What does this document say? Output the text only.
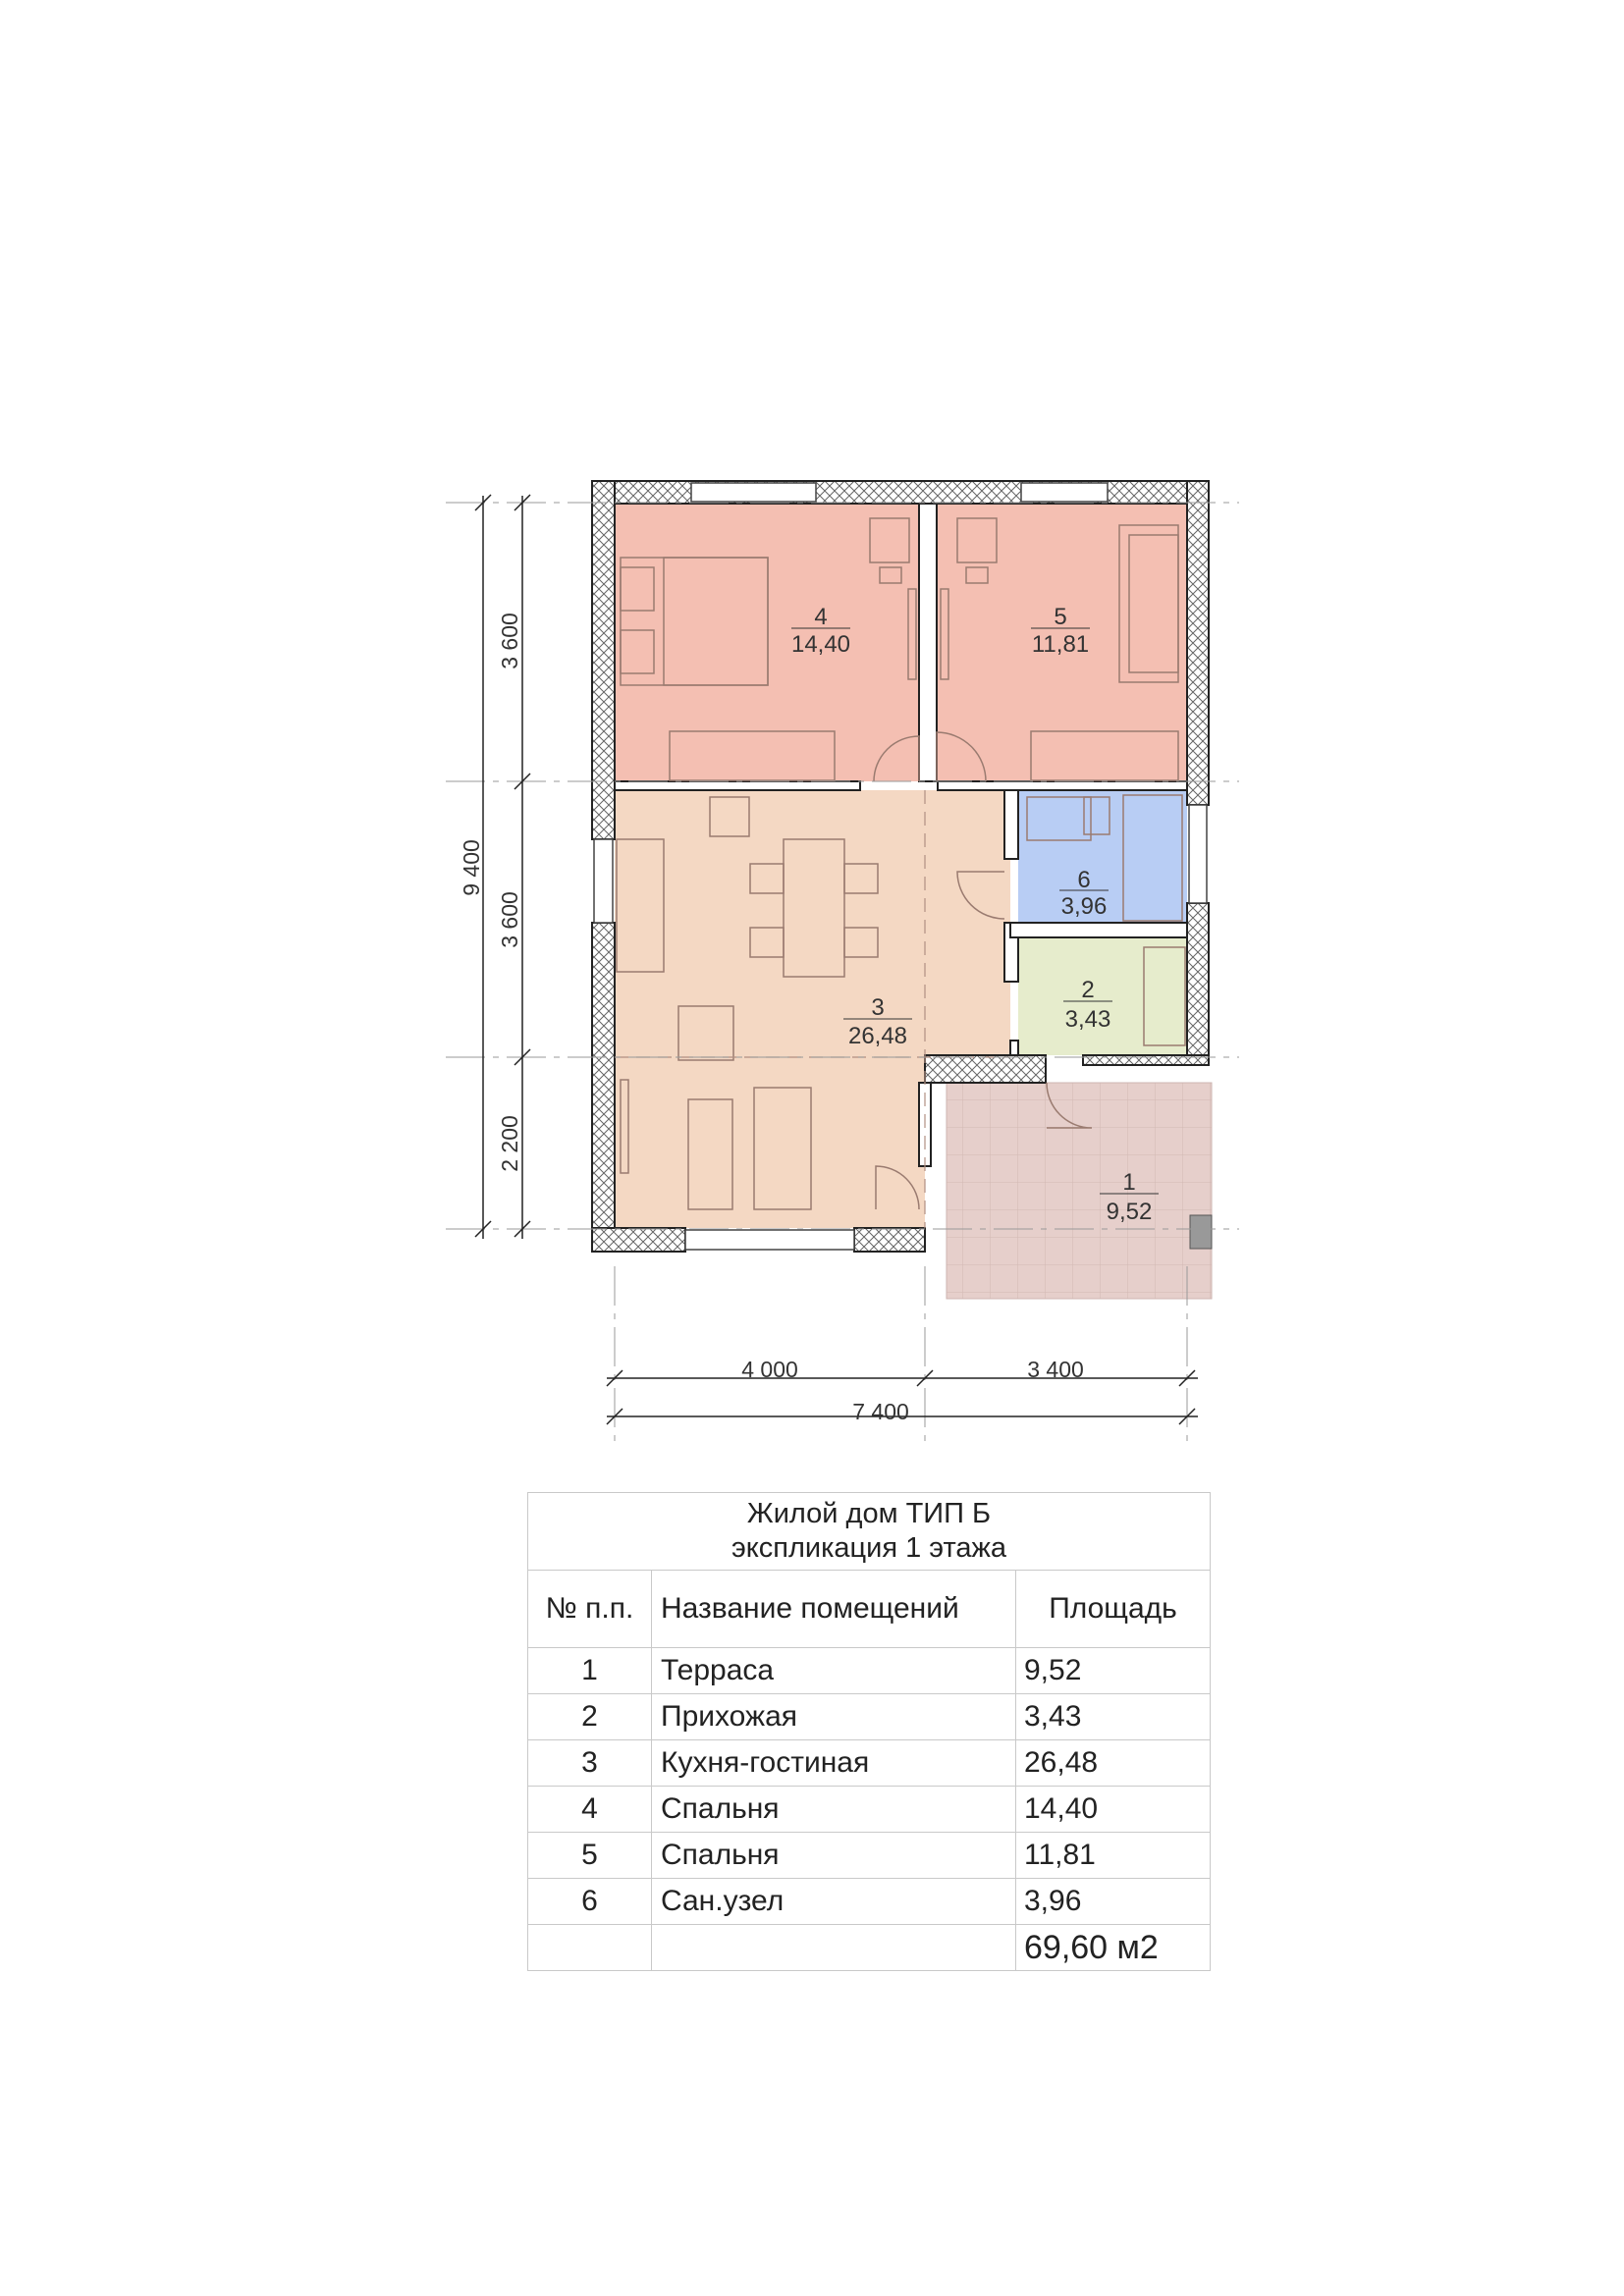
9 400
3 600
3 600
2 200
4 000	3 400
7 400
4
14,40
5
11,81
6
3,96
2
3,43
3
26,48
1
9,52
Жилой дом ТИП Б
экспликация 1 этажа		
№ п.п.	Название помещений	Площадь
1	Терраса	9,52
2	Прихожая	3,43
3	Кухня-гостиная	26,48
4	Спальня	14,40
5	Спальня	11,81
6	Сан.узел	3,96
		69,60 м2
